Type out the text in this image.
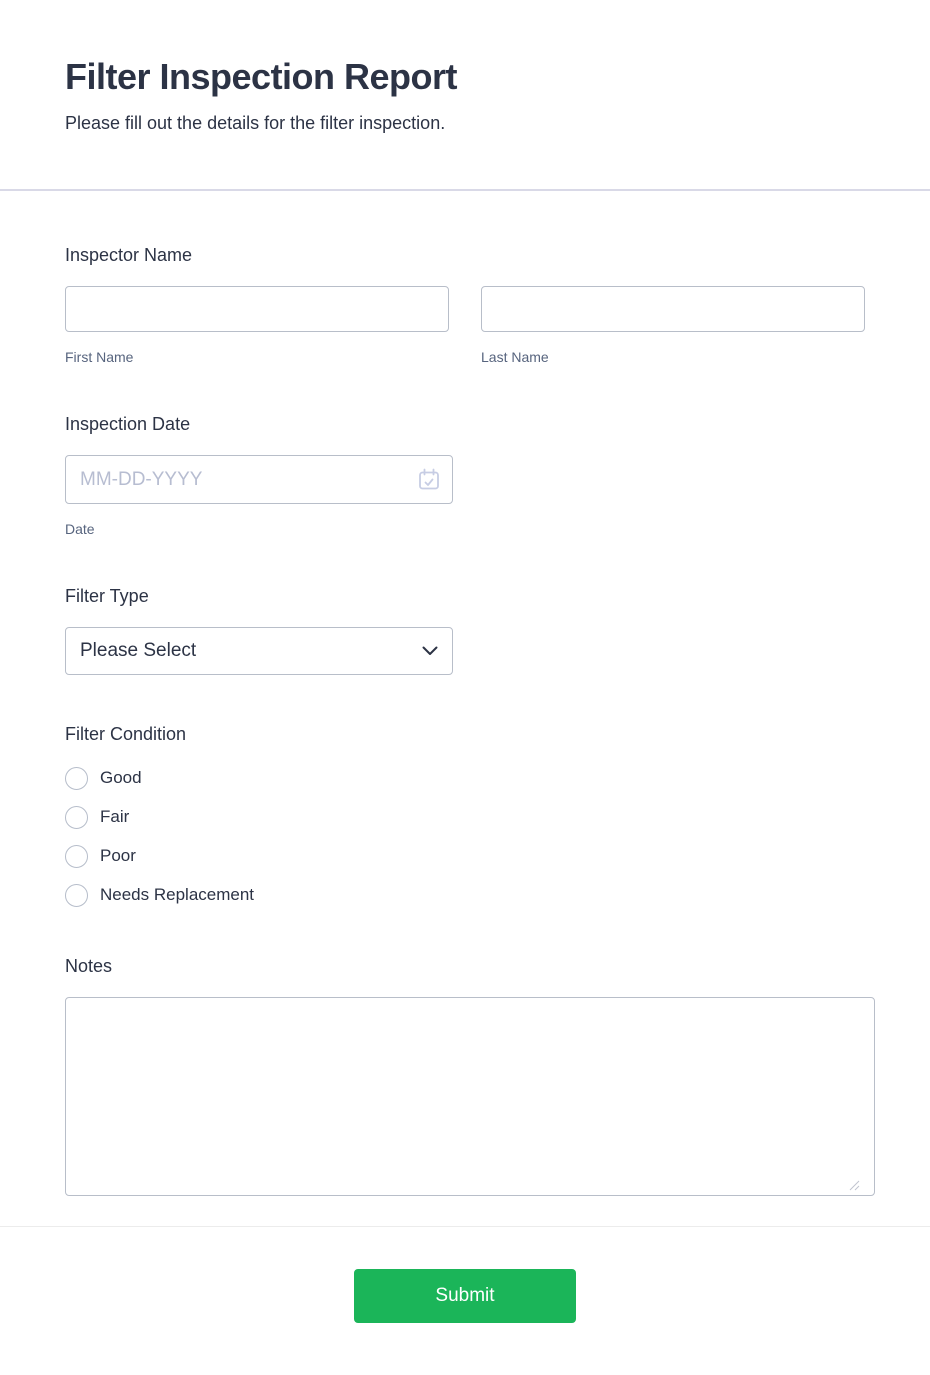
Filter Inspection Report
Please fill out the details for the filter inspection.
Inspector Name
First Name	Last Name
Inspection Date
MM-DD-YYYY
Date
Filter Type
Please Select
Filter Condition
Good
Fair
Poor
Needs Replacement
Notes
Submit
